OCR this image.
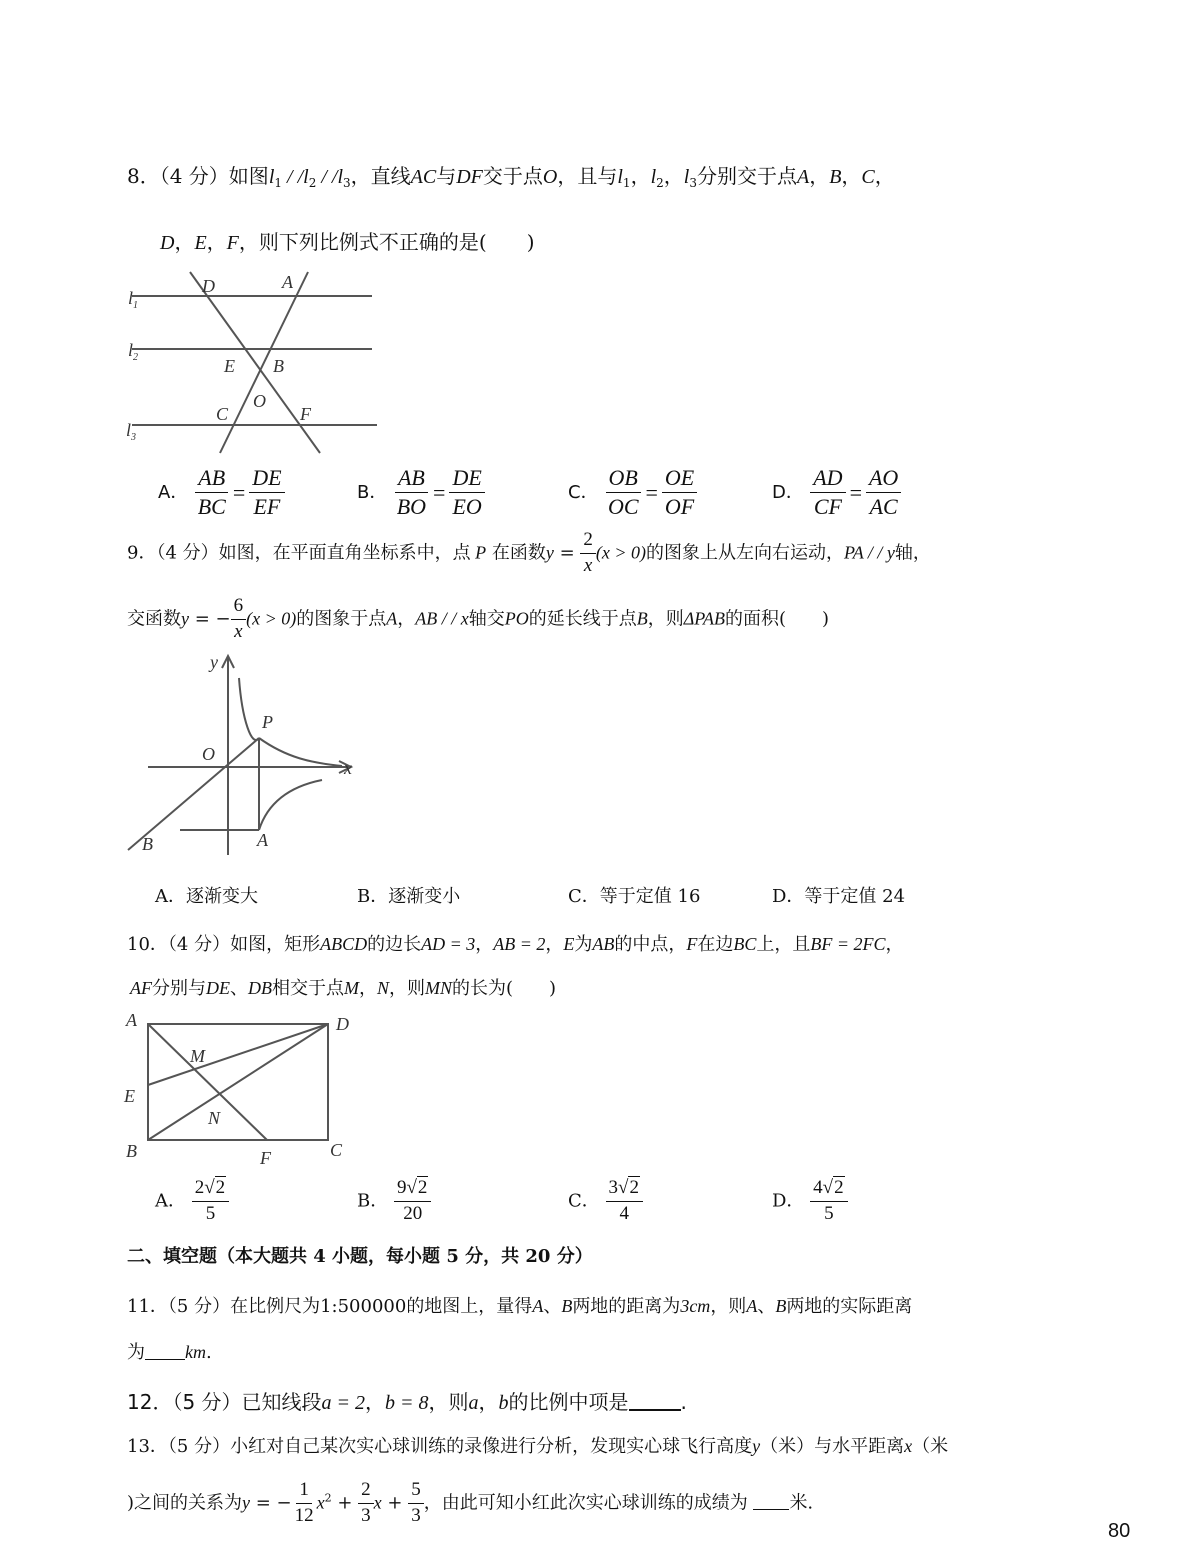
8．（4 分）如图$l_1 / /l_2 / /l_3$，直线AC与DF交于点O，且与$l_1$，$l_2$，$l_3$分别交于点A，B，C，
D，E，F，则下列比例式不正确的是(　　)
D	A
E B
O
C	F
$l_1$
$l_2$
$l_3$
A． $\frac{AB}{BC} = \frac{DE}{EF}$	B． $\frac{AB}{BO} = \frac{DE}{EO}$	C． $\frac{OB}{OC} = \frac{OE}{OF}$	D． $\frac{AD}{CF} = \frac{AO}{AC}$
9．（4 分）如图，在平面直角坐标系中，点 P 在函数$y = \frac{2}{x} (x > 0)$的图象上从左向右运动，PA / / y轴，
交函数y = − $\frac{6}{x} (x > 0)$的图象于点A，AB / / x轴交PO的延长线于点B，则ΔPAB的面积(　　)
y
x
O
P
A
B
A．逐渐变大	B．逐渐变小	C．等于定值 16	D．等于定值 24
10．（4 分）如图，矩形ABCD的边长AD = 3，AB = 2，E为AB的中点，F在边BC上，且BF = 2FC，
AF分别与DE、DB相交于点M，N，则MN的长为(　　)
A	D
M
E
N
B	F	C
A． $\frac{2√2}{5}$	B． $\frac{9√2}{20}$	C． $\frac{3√2}{4}$	D． $\frac{4√2}{5}$
二、填空题（本大题共 4 小题，每小题 5 分，共 20 分）
11．（5 分）在比例尺为1:500000的地图上，量得A、B两地的距离为3cm，则A、B两地的实际距离
为 km.
12．（5 分）已知线段a = 2，b = 8，则a，b的比例中项是	.
13．（5 分）小红对自己某次实心球训练的录像进行分析，发现实心球飞行高度y（米）与水平距离x（米
)之间的关系为y = − $\frac{1}{12} x^2 + \frac{2}{3}$ $x + \frac{5}{3}$ ，由此可知小红此次实心球训练的成绩为 米.
80
